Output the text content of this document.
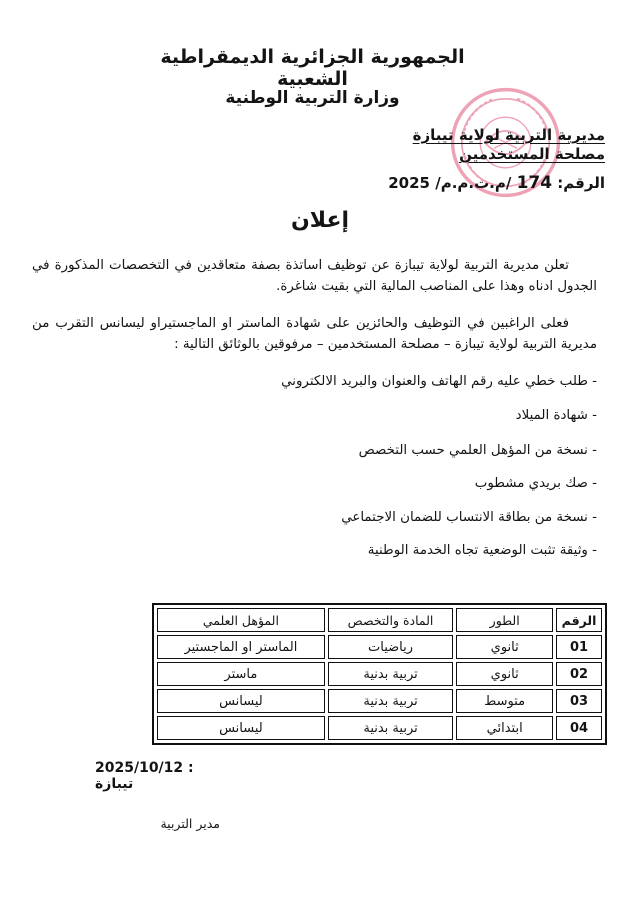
الجمهورية الجزائرية الديمقراطية الشعبية
وزارة التربية الوطنية
مديرية التربية لولاية تيبازة
مصلحة المستخدمين
الرقم: 174 /م.ت.م.م/ 2025
إعلان
تعلن مديرية التربية لولاية تيبازة عن توظيف اساتذة بصفة متعاقدين في التخصصات المذكورة في الجدول ادناه وهذا على المناصب المالية التي بقيت شاغرة.
فعلى الراغبين في التوظيف والحائزين على شهادة الماستر او الماجستيراو ليسانس التقرب من مديرية التربية لولاية تيبازة – مصلحة المستخدمين – مرفوقين بالوثائق التالية :
- طلب خطي عليه رقم الهاتف والعنوان والبريد الالكتروني
- شهادة الميلاد
- نسخة من المؤهل العلمي حسب التخصص
- صك بريدي مشطوب
- نسخة من بطاقة الانتساب للضمان الاجتماعي
- وثيقة تثبت الوضعية تجاه الخدمة الوطنية
الرقم	الطور	المادة والتخصص	المؤهل العلمي
01	ثانوي	رياضيات	الماستر او الماجستير
02	ثانوي	تربية بدنية	ماستر
03	متوسط	تربية بدنية	ليسانس
04	ابتدائي	تربية بدنية	ليسانس
2025/10/12 : تيبازة
مدير التربية
